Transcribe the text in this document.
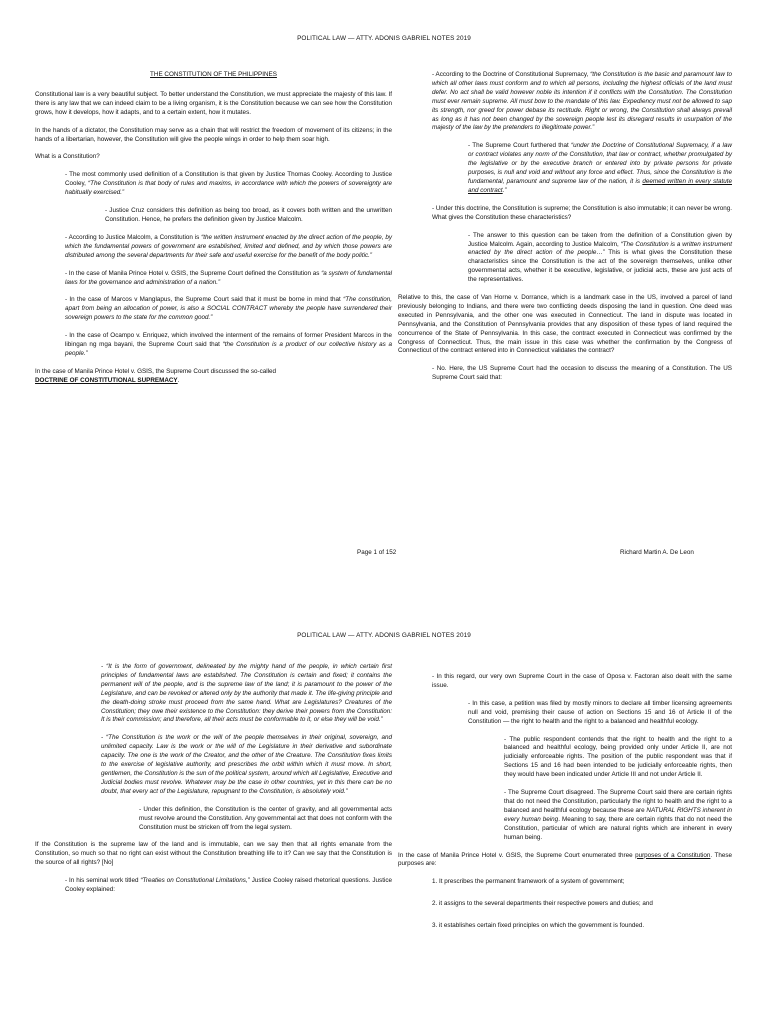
POLITICAL LAW — ATTY. ADONIS GABRIEL NOTES 2019

THE CONSTITUTION OF THE PHILIPPINES

Constitutional law is a very beautiful subject. To better understand the Constitution, we must appreciate the majesty of this law. If there is any law that we can indeed claim to be a living organism, it is the Constitution because we can see how the Constitution grows, how it develops, how it adapts, and to a certain extent, how it mutates.

In the hands of a dictator, the Constitution may serve as a chain that will restrict the freedom of movement of its citizens; in the hands of a libertarian, however, the Constitution will give the people wings in order to help them soar high.

What is a Constitution?

- The most commonly used definition of a Constitution is that given by Justice Thomas Cooley. According to Justice Cooley, “The Constitution is that body of rules and maxims, in accordance with which the powers of sovereignty are habitually exercised.”

- Justice Cruz considers this definition as being too broad, as it covers both written and the unwritten Constitution. Hence, he prefers the definition given by Justice Malcolm.

- According to Justice Malcolm, a Constitution is “the written instrument enacted by the direct action of the people, by which the fundamental powers of government are established, limited and defined, and by which those powers are distributed among the several departments for their safe and useful exercise for the benefit of the body politic.”

- In the case of Manila Prince Hotel v. GSIS, the Supreme Court defined the Constitution as “a system of fundamental laws for the governance and administration of a nation.”

- In the case of Marcos v Manglapus, the Supreme Court said that it must be borne in mind that “The constitution, apart from being an allocation of power, is also a SOCIAL CONTRACT whereby the people have surrendered their sovereign powers to the state for the common good.”

- In the case of Ocampo v. Enriquez, which involved the interment of the remains of former President Marcos in the libingan ng mga bayani, the Supreme Court said that “the Constitution is a product of our collective history as a people.”

In the case of Manila Prince Hotel v. GSIS, the Supreme Court discussed the so-called
DOCTRINE OF CONSTITUTIONAL SUPREMACY.

- According to the Doctrine of Constitutional Supremacy, “the Constitution is the basic and paramount law to which all other laws must conform and to which all persons, including the highest officials of the land must defer. No act shall be valid however noble its intention if it conflicts with the Constitution. The Constitution must ever remain supreme. All must bow to the mandate of this law. Expediency must not be allowed to sap its strength, nor greed for power debase its rectitude. Right or wrong, the Constitution shall always prevail as long as it has not been changed by the sovereign people lest its disregard results in usurpation of the majesty of the law by the pretenders to illegitimate power.”

- The Supreme Court furthered that “under the Doctrine of Constitutional Supremacy, if a law or contract violates any norm of the Constitution, that law or contract, whether promulgated by the legislative or by the executive branch or entered into by private persons for private purposes, is null and void and without any force and effect. Thus, since the Constitution is the fundamental, paramount and supreme law of the nation, it is deemed written in every statute and contract.”

- Under this doctrine, the Constitution is supreme; the Constitution is also immutable; it can never be wrong. What gives the Constitution these characteristics?

- The answer to this question can be taken from the definition of a Constitution given by Justice Malcolm. Again, according to Justice Malcolm, “The Constitution is a written instrument enacted by the direct action of the people…” This is what gives the Constitution these characteristics since the Constitution is the act of the sovereign themselves, unlike other governmental acts, whether it be executive, legislative, or judicial acts, these are just acts of the representatives.

Relative to this, the case of Van Horne v. Dorrance, which is a landmark case in the US, involved a parcel of land previously belonging to Indians, and there were two conflicting deeds disposing the land in question. One deed was executed in Pennsylvania, and the other one was executed in Connecticut. The land in dispute was located in Pennsylvania, and the Constitution of Pennsylvania provides that any disposition of these types of land required the concurrence of the State of Pennsylvania. In this case, the contract executed in Connecticut was confirmed by the Congress of Connecticut. Thus, the main issue in this case was whether the confirmation by the Congress of Connecticut of the contract entered into in Connecticut validates the contract?

- No. Here, the US Supreme Court had the occasion to discuss the meaning of a Constitution. The US Supreme Court said that:

Page 1 of 152	Richard Martin A. De Leon
POLITICAL LAW — ATTY. ADONIS GABRIEL NOTES 2019

- “It is the form of government, delineated by the mighty hand of the people, in which certain first principles of fundamental laws are established. The Constitution is certain and fixed; it contains the permanent will of the people, and is the supreme law of the land; it is paramount to the power of the Legislature, and can be revoked or altered only by the authority that made it. The life-giving principle and the death-doing stroke must proceed from the same hand. What are Legislatures? Creatures of the Constitution; they owe their existence to the Constitution: they derive their powers from the Constitution: It is their commission; and therefore, all their acts must be conformable to it, or else they will be void.”

- “The Constitution is the work or the will of the people themselves in their original, sovereign, and unlimited capacity. Law is the work or the will of the Legislature in their derivative and subordinate capacity. The one is the work of the Creator, and the other of the Creature. The Constitution fixes limits to the exercise of legislative authority, and prescribes the orbit within which it must move. In short, gentlemen, the Constitution is the sun of the political system, around which all Legislative, Executive and Judicial bodies must revolve. Whatever may be the case in other countries, yet in this there can be no doubt, that every act of the Legislature, repugnant to the Constitution, is absolutely void.”

- Under this definition, the Constitution is the center of gravity, and all governmental acts must revolve around the Constitution. Any governmental act that does not conform with the Constitution must be stricken off from the legal system.

If the Constitution is the supreme law of the land and is immutable, can we say then that all rights emanate from the Constitution, so much so that no right can exist without the Constitution breathing life to it? Can we say that the Constitution is the source of all rights? [No]

- In his seminal work titled “Treaties on Constitutional Limitations,” Justice Cooley raised rhetorical questions. Justice Cooley explained:

- In this regard, our very own Supreme Court in the case of Oposa v. Factoran also dealt with the same issue.

- In this case, a petition was filed by mostly minors to declare all timber licensing agreements null and void, premising their cause of action on Sections 15 and 16 of Article II of the Constitution — the right to health and the right to a balanced and healthful ecology.

- The public respondent contends that the right to health and the right to a balanced and healthful ecology, being provided only under Article II, are not judicially enforceable rights. The position of the public respondent was that if Sections 15 and 16 had been intended to be judicially enforceable rights, then they would have been indicated under Article III and not under Article II.

- The Supreme Court disagreed. The Supreme Court said there are certain rights that do not need the Constitution, particularly the right to health and the right to a balanced and healthful ecology because these are NATURAL RIGHTS inherent in every human being. Meaning to say, there are certain rights that do not need the Constitution, particular of which are natural rights which are inherent in every human being.

In the case of Manila Prince Hotel v. GSIS, the Supreme Court enumerated three purposes of a Constitution. These purposes are:

1. It prescribes the permanent framework of a system of government;

2. it assigns to the several departments their respective powers and duties; and

3. it establishes certain fixed principles on which the government is founded.
